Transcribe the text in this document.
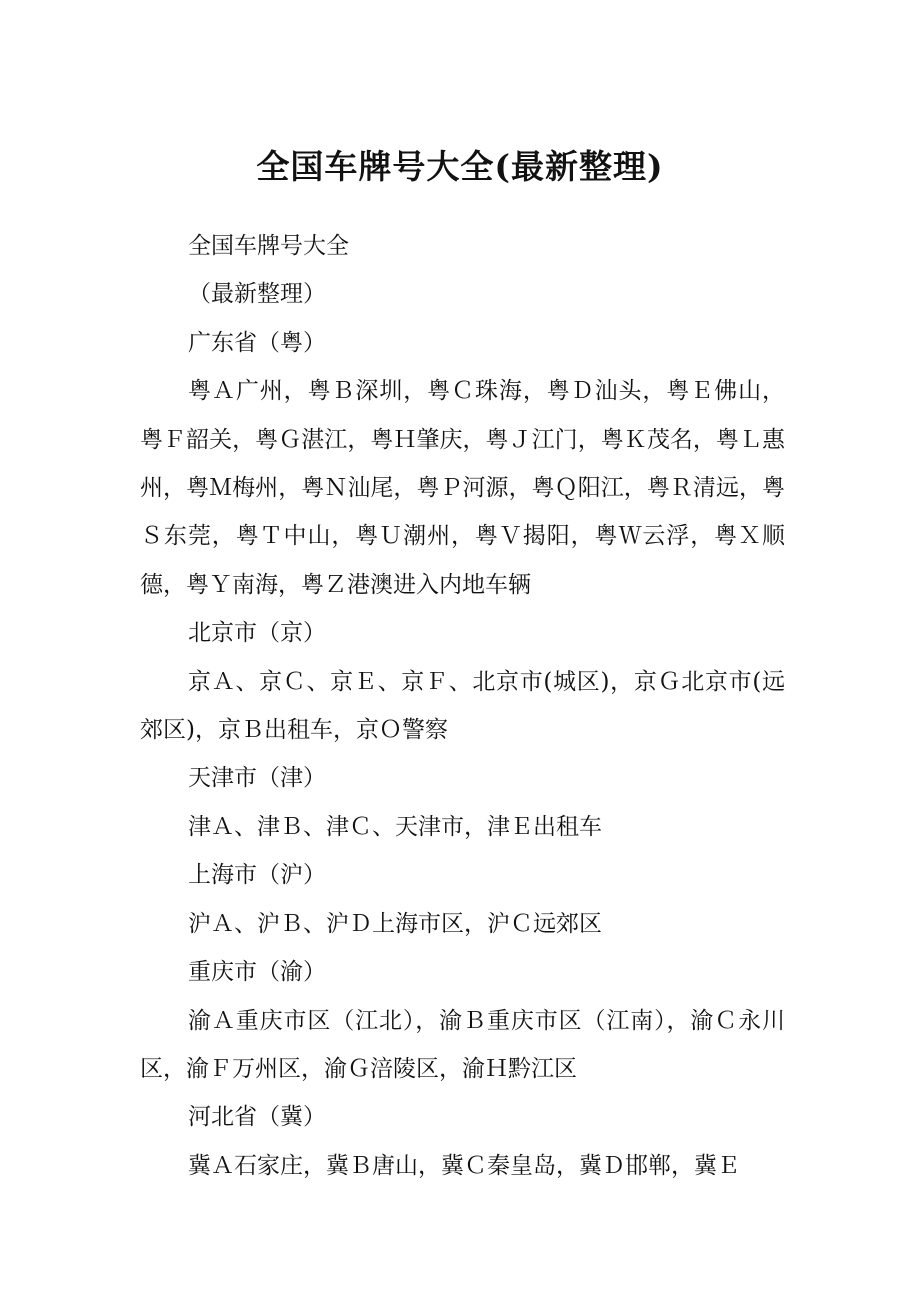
全国车牌号大全(最新整理)

全国车牌号大全

（最新整理）

广东省（粤）

粤Ａ广州，粤Ｂ深圳，粤Ｃ珠海，粤Ｄ汕头，粤Ｅ佛山，粤Ｆ韶关，粤Ｇ湛江，粤Ｈ肇庆，粤Ｊ江门，粤Ｋ茂名，粤Ｌ惠州，粤Ｍ梅州，粤Ｎ汕尾，粤Ｐ河源，粤Ｑ阳江，粤Ｒ清远，粤Ｓ东莞，粤Ｔ中山，粤Ｕ潮州，粤Ｖ揭阳，粤Ｗ云浮，粤Ｘ顺德，粤Ｙ南海，粤Ｚ港澳进入内地车辆

北京市（京）

京Ａ、京Ｃ、京Ｅ、京Ｆ、北京市(城区)，京Ｇ北京市(远郊区)，京Ｂ出租车，京Ｏ警察

天津市（津）

津Ａ、津Ｂ、津Ｃ、天津市，津Ｅ出租车

上海市（沪）

沪Ａ、沪Ｂ、沪Ｄ上海市区，沪Ｃ远郊区

重庆市（渝）

渝Ａ重庆市区（江北），渝Ｂ重庆市区（江南），渝Ｃ永川区，渝Ｆ万州区，渝Ｇ涪陵区，渝Ｈ黔江区

河北省（冀）

冀Ａ石家庄，冀Ｂ唐山，冀Ｃ秦皇岛，冀Ｄ邯郸，冀Ｅ
